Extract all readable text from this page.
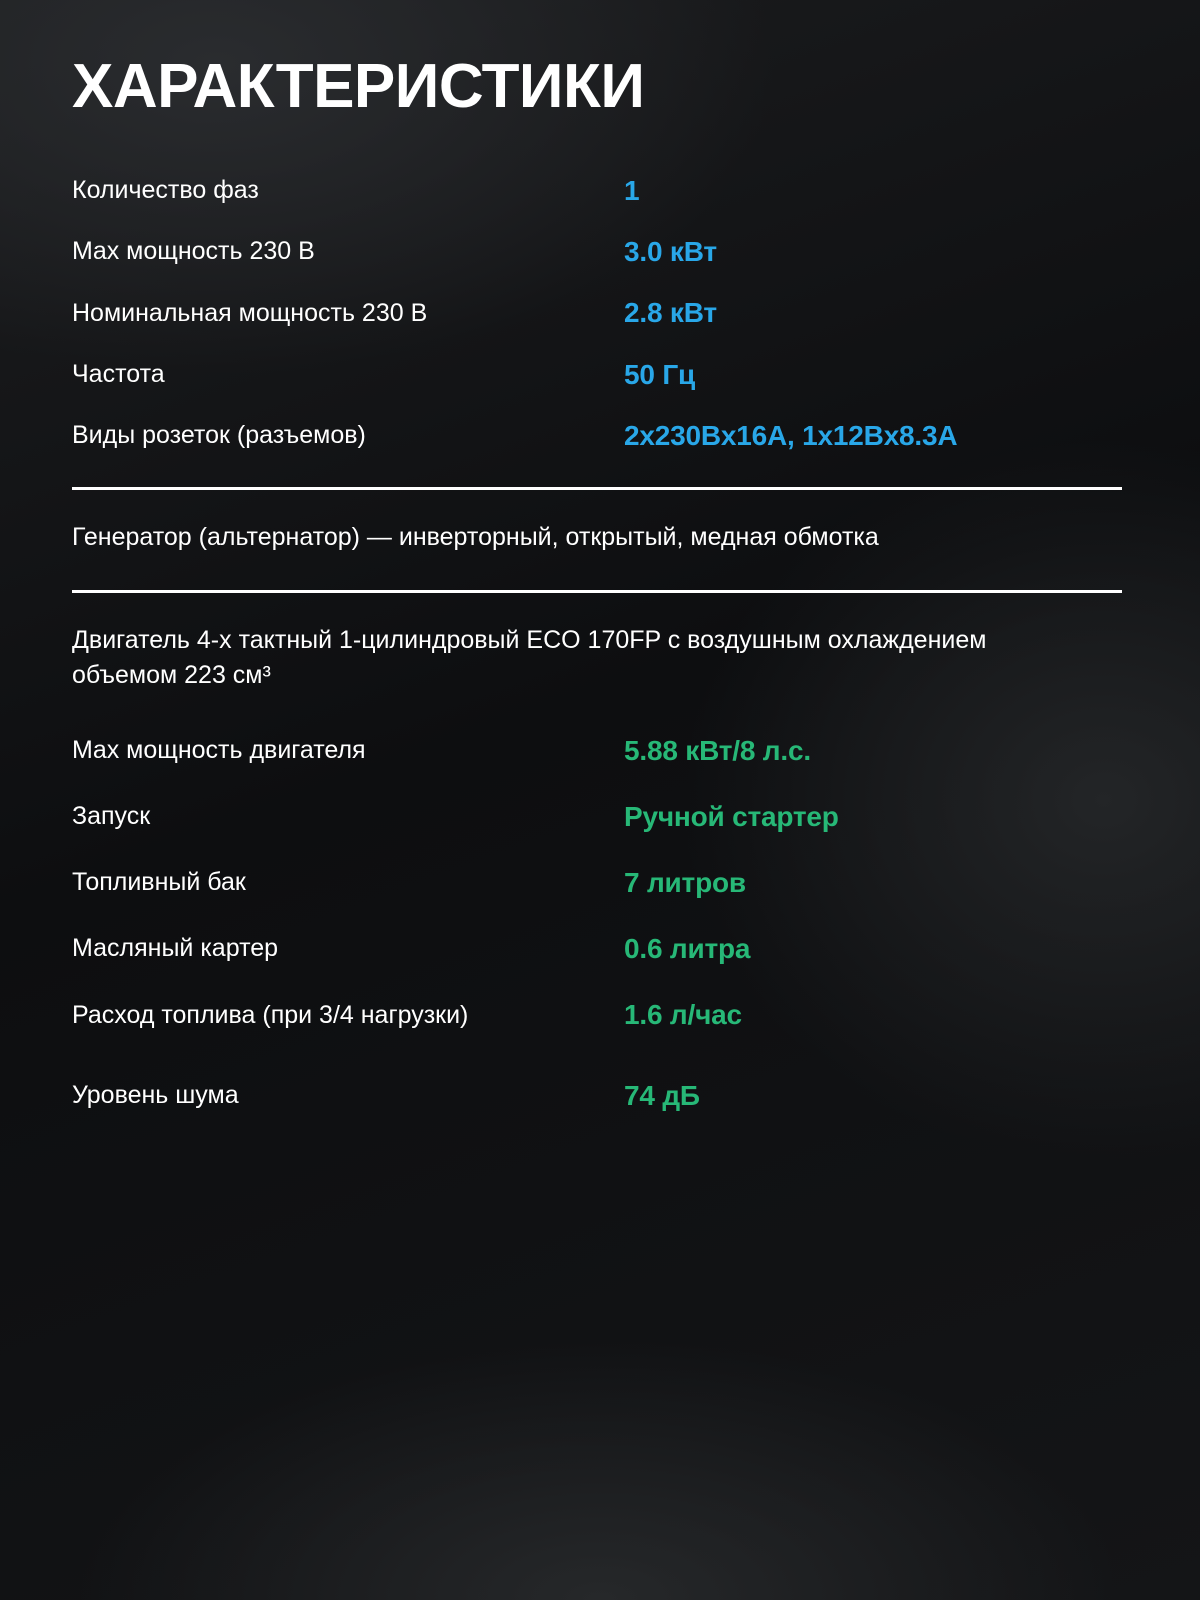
ХАРАКТЕРИСТИКИ
Количество фаз	1
Max мощность 230 В	3.0 кВт
Номинальная мощность 230 В	2.8 кВт
Частота	50 Гц
Виды розеток (разъемов)	2x230Bx16A, 1x12Bx8.3A
Генератор (альтернатор) — инверторный, открытый, медная обмотка
Двигатель 4-х тактный 1-цилиндровый ECO 170FP с воздушным охлаждением объемом 223 см³
Max мощность двигателя	5.88 кВт/8 л.с.
Запуск	Ручной стартер
Топливный бак	7 литров
Масляный картер	0.6 литра
Расход топлива (при 3/4 нагрузки)	1.6 л/час
Уровень шума	74 дБ
